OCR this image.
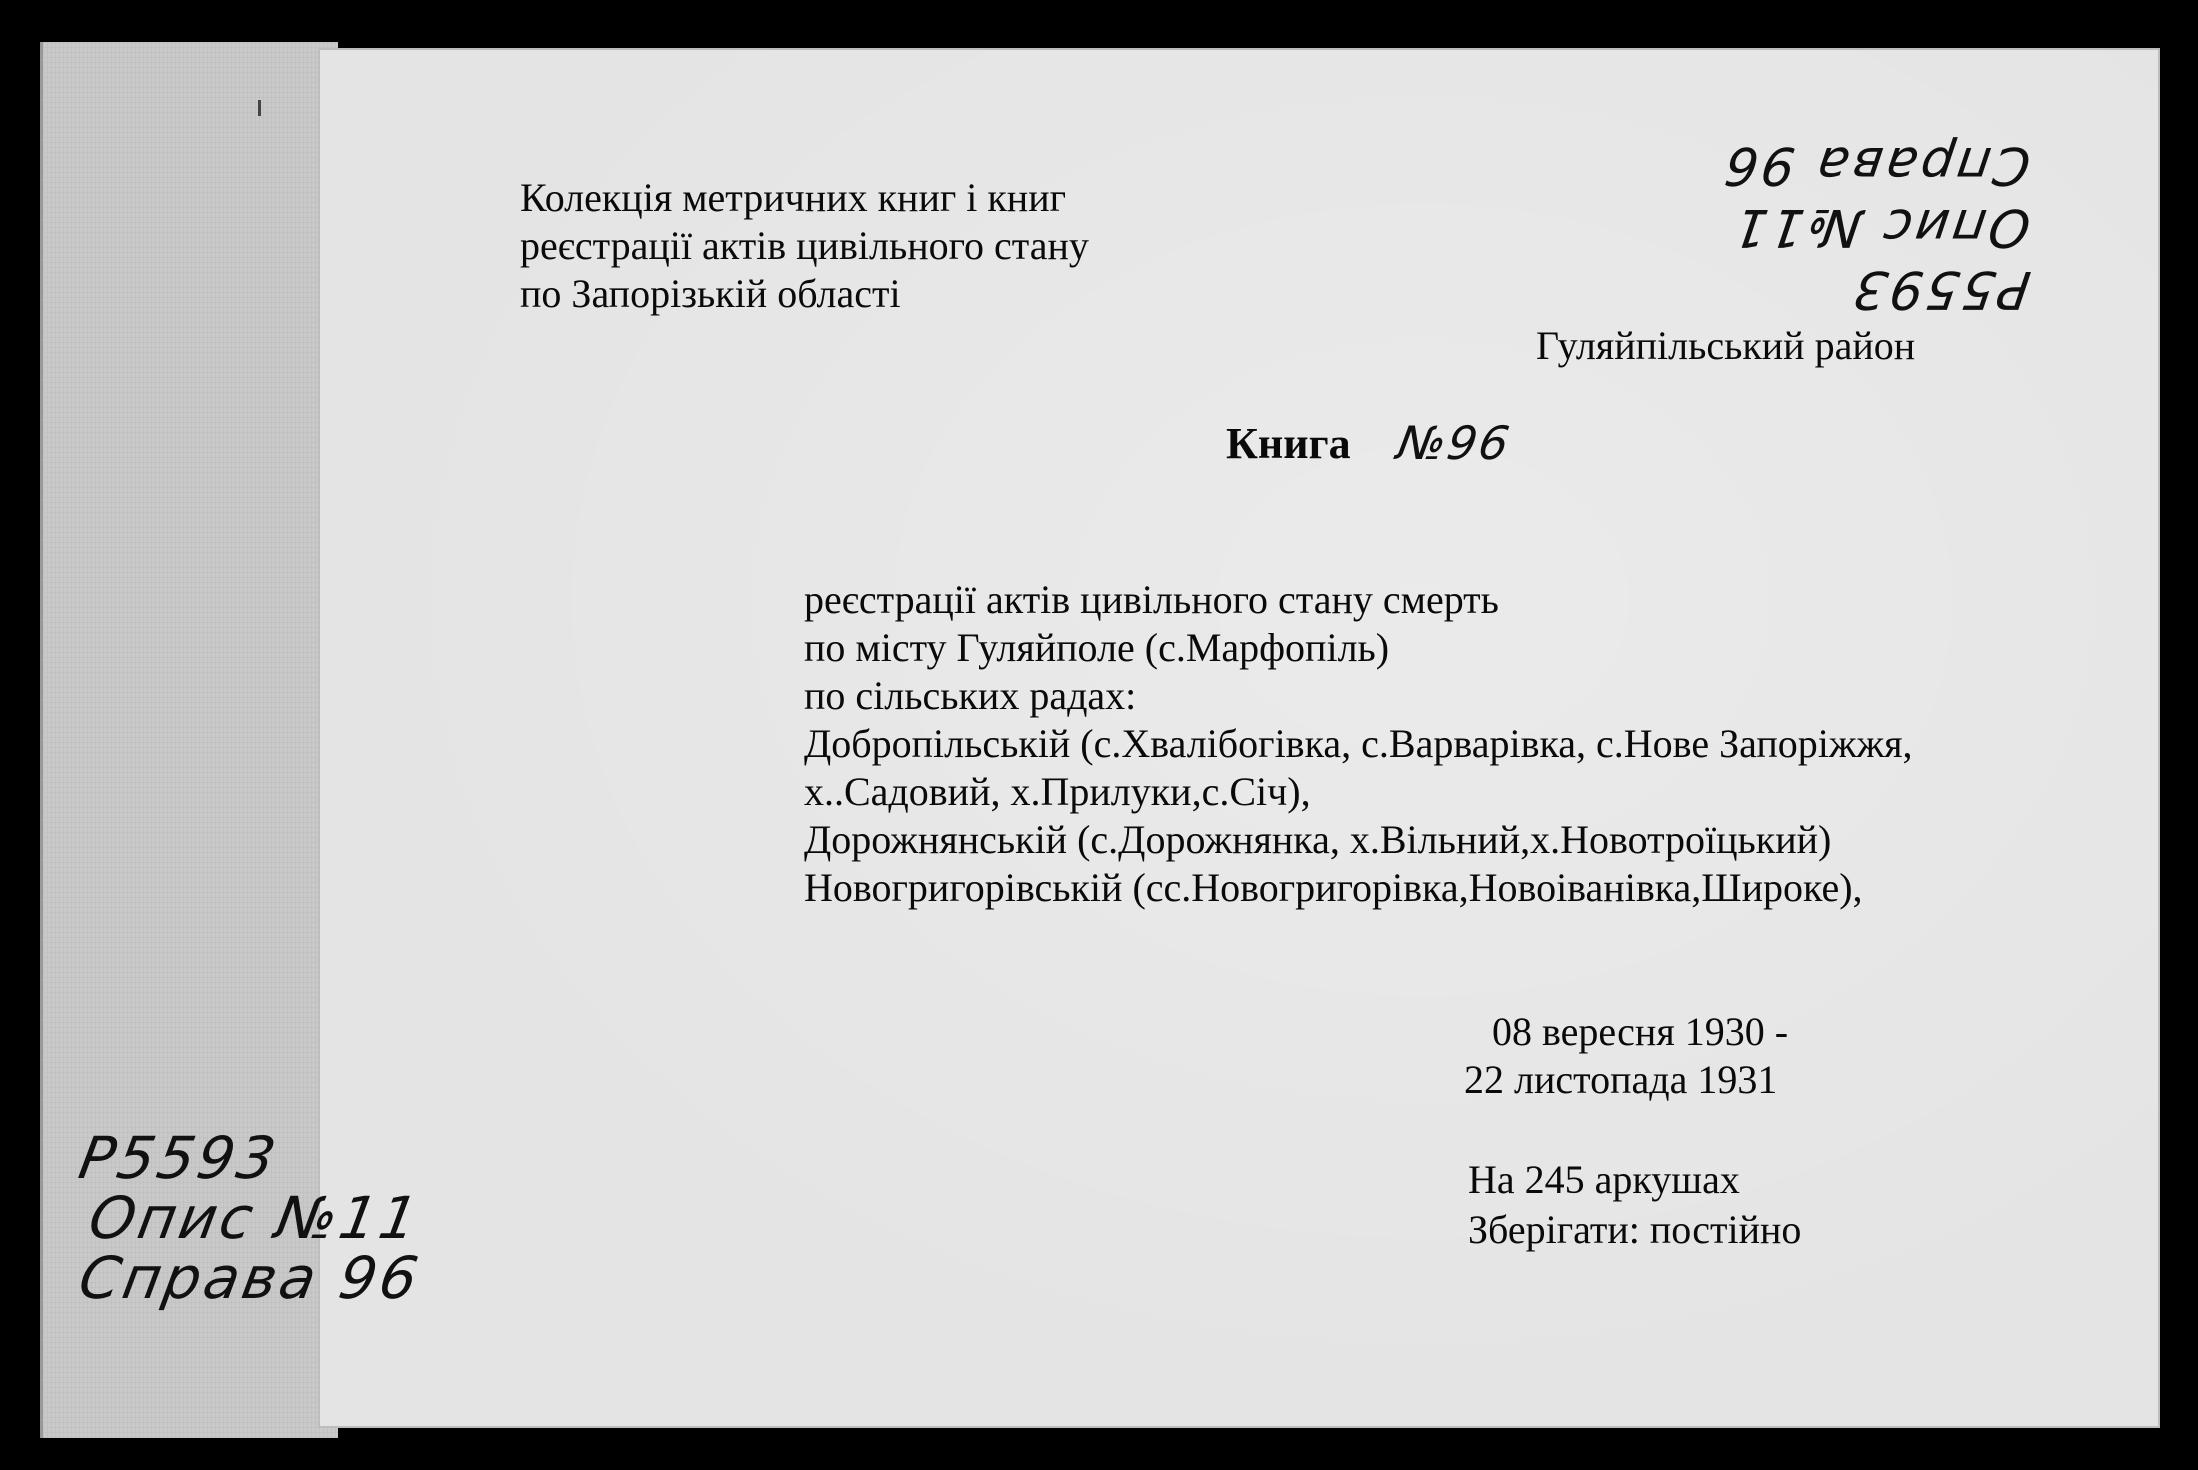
Колекція метричних книг і книг
реєстрації актів цивільного стану
по Запорізькій області	Р5593
Опис №11
Справа 96
Гуляйпільський район
Книга №96
реєстрації актів цивільного стану смерть
по місту Гуляйполе (с.Марфопіль)
по сільських радах:
Добропільській (с.Хвалібогівка, с.Варварівка, с.Нове Запоріжжя,
х..Садовий, х.Прилуки,с.Січ),
Дорожнянській (с.Дорожнянка, х.Вільний,х.Новотроїцький)
Новогригорівській (сс.Новогригорівка,Новоіванівка,Широке),
08 вересня 1930 -
22 листопада 1931
На 245 аркушах
Зберігати: постійно
Р5593
Опис №11
Справа 96
